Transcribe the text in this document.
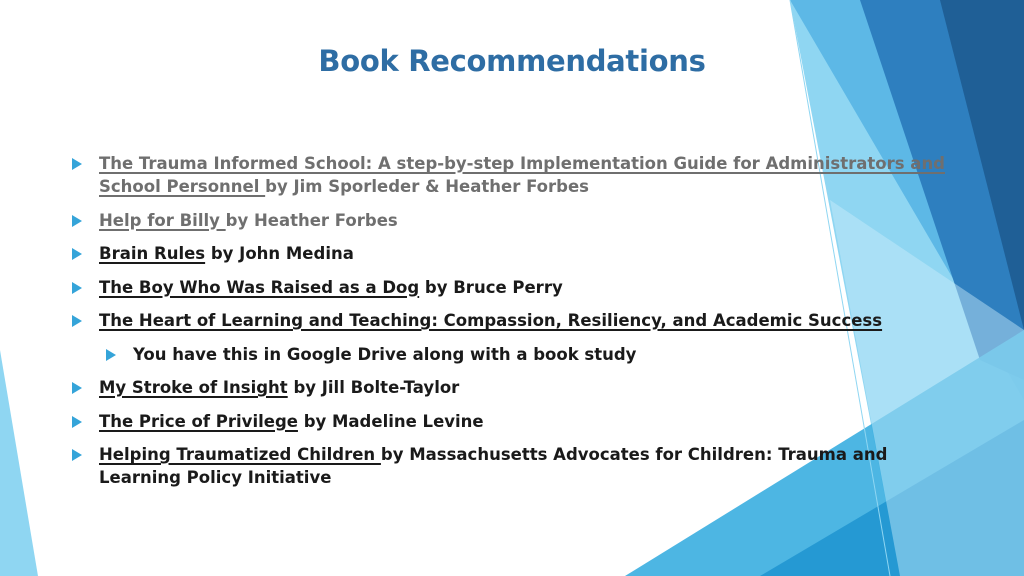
Book Recommendations
The Trauma Informed School: A step-by-step Implementation Guide for Administrators and School Personnel by Jim Sporleder & Heather Forbes
Help for Billy by Heather Forbes
Brain Rules by John Medina
The Boy Who Was Raised as a Dog by Bruce Perry
The Heart of Learning and Teaching: Compassion, Resiliency, and Academic Success
You have this in Google Drive along with a book study
My Stroke of Insight by Jill Bolte-Taylor
The Price of Privilege by Madeline Levine
Helping Traumatized Children by Massachusetts Advocates for Children: Trauma and Learning Policy Initiative
